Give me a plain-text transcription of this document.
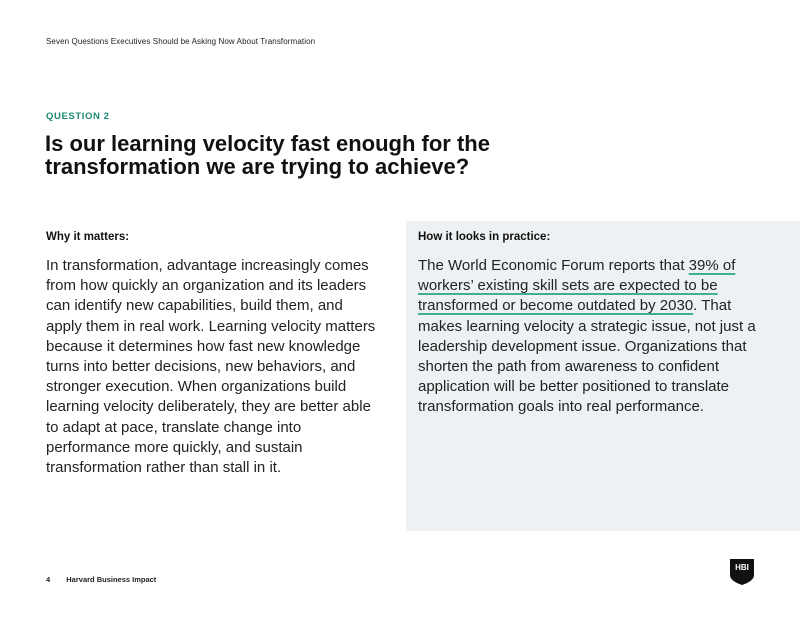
Seven Questions Executives Should be Asking Now About Transformation
QUESTION 2
Is our learning velocity fast enough for the
transformation we are trying to achieve?
Why it matters:

In transformation, advantage increasingly comes from how quickly an organization and its leaders can identify new capabilities, build them, and apply them in real work. Learning velocity matters because it determines how fast new knowledge turns into better decisions, new behaviors, and stronger execution. When organizations build learning velocity deliberately, they are better able to adapt at pace, translate change into performance more quickly, and sustain transformation rather than stall in it.

How it looks in practice:

The World Economic Forum reports that 39% of workers’ existing skill sets are expected to be transformed or become outdated by 2030. That makes learning velocity a strategic issue, not just a leadership development issue. Organizations that shorten the path from awareness to confident application will be better positioned to translate transformation goals into real performance.

4 Harvard Business Impact
HBI
